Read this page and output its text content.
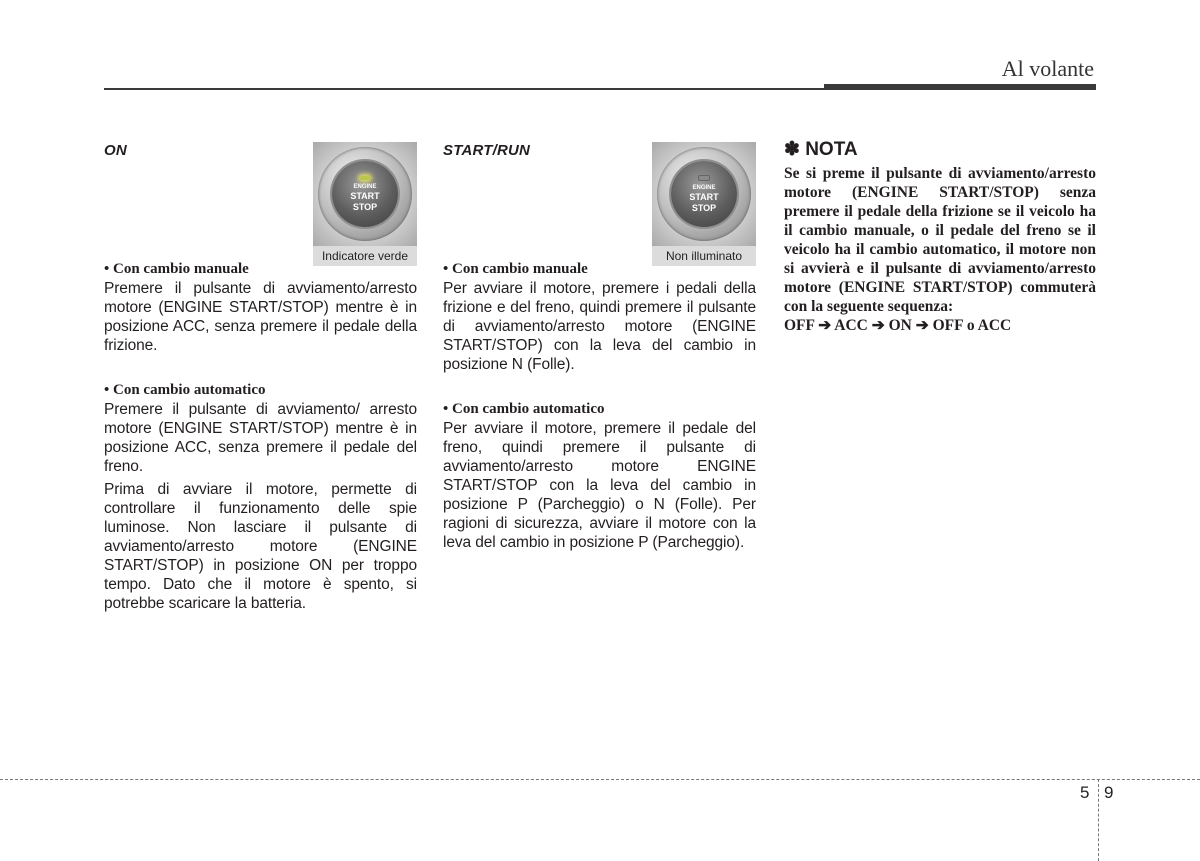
Al volante
ON
ENGINE
START
STOP
Indicatore verde

• Con cambio manuale

Premere il pulsante di avviamento/arresto motore (ENGINE START/STOP) mentre è in posizione ACC, senza premere il pedale della frizione.

• Con cambio automatico

Premere il pulsante di avviamento/ arresto motore (ENGINE START/STOP) mentre è in posizione ACC, senza premere il pedale del freno.

Prima di avviare il motore, permette di controllare il funzionamento delle spie luminose. Non lasciare il pulsante di avviamento/arresto motore (ENGINE START/STOP) in posizione ON per troppo tempo. Dato che il motore è spento, si potrebbe scaricare la batteria.

START/RUN
ENGINE
START
STOP
Non illuminato

• Con cambio manuale

Per avviare il motore, premere i pedali della frizione e del freno, quindi premere il pulsante di avviamento/arresto motore (ENGINE START/STOP) con la leva del cambio in posizione N (Folle).

• Con cambio automatico

Per avviare il motore, premere il pedale del freno, quindi premere il pulsante di avviamento/arresto motore ENGINE START/STOP con la leva del cambio in posizione P (Parcheggio) o N (Folle). Per ragioni di sicurezza, avviare il motore con la leva del cambio in posizione P (Parcheggio).

✽ NOTA

Se si preme il pulsante di avviamento/arresto motore (ENGINE START/STOP) senza premere il pedale della frizione se il veicolo ha il cambio manuale, o il pedale del freno se il veicolo ha il cambio automatico, il motore non si avvierà e il pulsante di avviamento/arresto motore (ENGINE START/STOP) commuterà con la seguente sequenza:

OFF ➔ ACC ➔ ON ➔ OFF o ACC

5 9
